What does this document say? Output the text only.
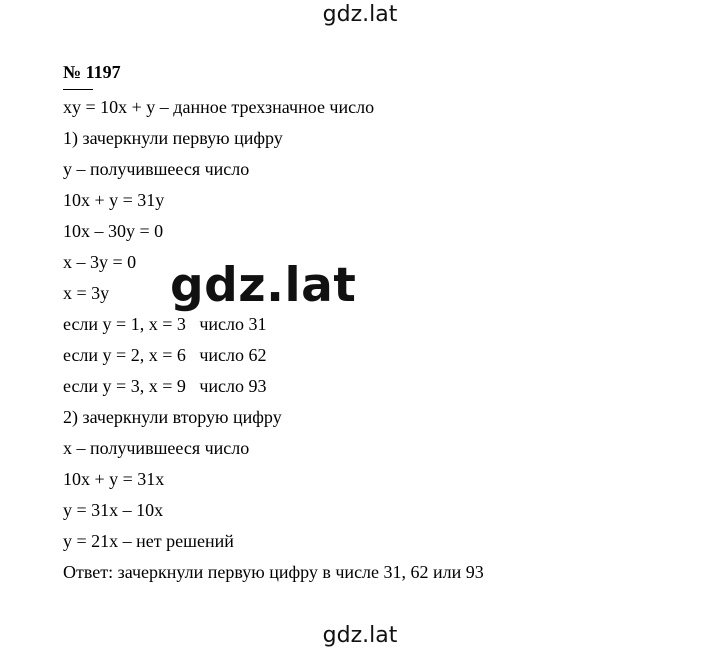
gdz.lat
№ 1197
xy = 10x + y – данное трехзначное число
1) зачеркнули первую цифру
y – получившееся число
10x + y = 31y
10x – 30y = 0
x – 3y = 0
x = 3y
если y = 1, x = 3   число 31
если y = 2, x = 6   число 62
если y = 3, x = 9   число 93
2) зачеркнули вторую цифру
x – получившееся число
10x + y = 31x
y = 31x – 10x
y = 21x – нет решений
Ответ: зачеркнули первую цифру в числе 31, 62 или 93
gdz.lat
gdz.lat
